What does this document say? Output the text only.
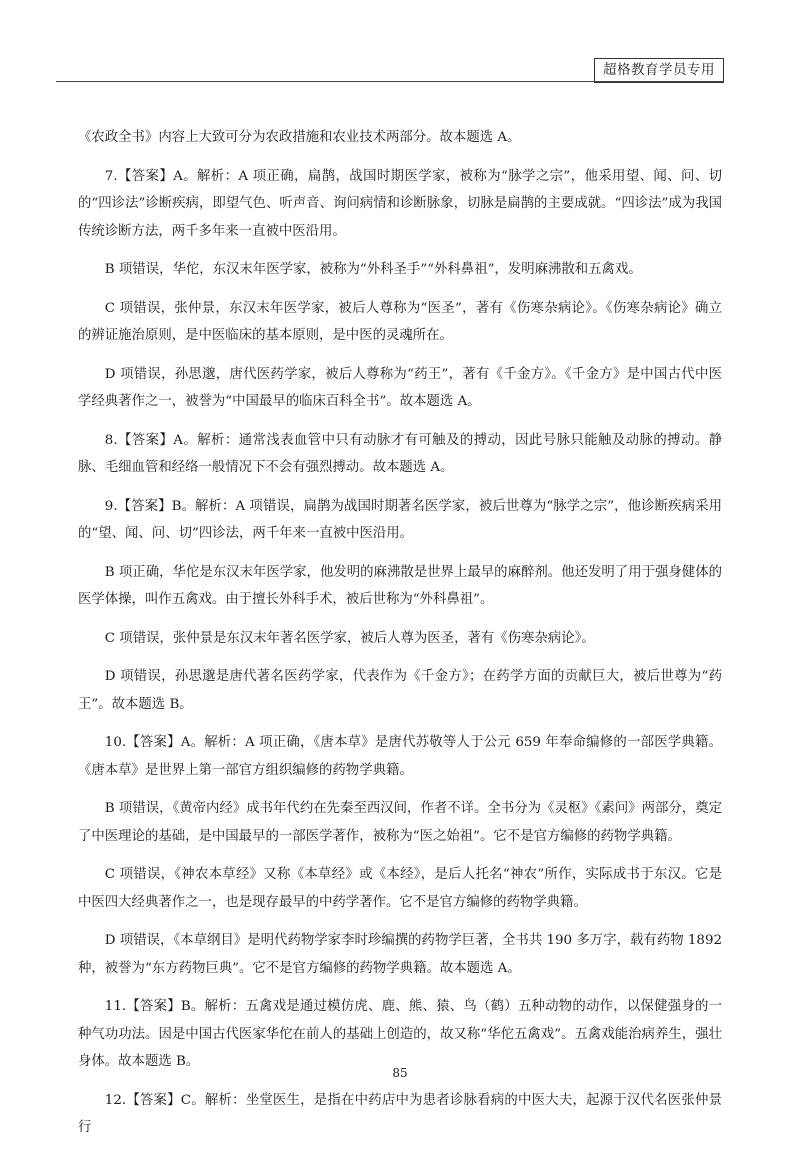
超格教育学员专用

《农政全书》内容上大致可分为农政措施和农业技术两部分。故本题选 A。

7.【答案】A。解析：A 项正确，扁鹊，战国时期医学家，被称为“脉学之宗”，他采用望、闻、问、切的“四诊法”诊断疾病，即望气色、听声音、询问病情和诊断脉象，切脉是扁鹊的主要成就。“四诊法”成为我国传统诊断方法，两千多年来一直被中医沿用。

B 项错误，华佗，东汉末年医学家，被称为“外科圣手”“外科鼻祖”，发明麻沸散和五禽戏。

C 项错误，张仲景，东汉末年医学家，被后人尊称为“医圣”，著有《伤寒杂病论》。《伤寒杂病论》确立的辨证施治原则，是中医临床的基本原则，是中医的灵魂所在。

D 项错误，孙思邈，唐代医药学家，被后人尊称为“药王”，著有《千金方》。《千金方》是中国古代中医学经典著作之一，被誉为“中国最早的临床百科全书”。故本题选 A。

8.【答案】A。解析：通常浅表血管中只有动脉才有可触及的搏动，因此号脉只能触及动脉的搏动。静脉、毛细血管和经络一般情况下不会有强烈搏动。故本题选 A。

9.【答案】B。解析：A 项错误，扁鹊为战国时期著名医学家，被后世尊为“脉学之宗”，他诊断疾病采用的“望、闻、问、切”四诊法，两千年来一直被中医沿用。

B 项正确，华佗是东汉末年医学家，他发明的麻沸散是世界上最早的麻醉剂。他还发明了用于强身健体的医学体操，叫作五禽戏。由于擅长外科手术，被后世称为“外科鼻祖”。

C 项错误，张仲景是东汉末年著名医学家，被后人尊为医圣，著有《伤寒杂病论》。

D 项错误，孙思邈是唐代著名医药学家，代表作为《千金方》；在药学方面的贡献巨大，被后世尊为“药王”。故本题选 B。

10.【答案】A。解析：A 项正确，《唐本草》是唐代苏敬等人于公元 659 年奉命编修的一部医学典籍。《唐本草》是世界上第一部官方组织编修的药物学典籍。

B 项错误，《黄帝内经》成书年代约在先秦至西汉间，作者不详。全书分为《灵枢》《素问》两部分，奠定了中医理论的基础，是中国最早的一部医学著作，被称为“医之始祖”。它不是官方编修的药物学典籍。

C 项错误，《神农本草经》又称《本草经》或《本经》，是后人托名“神农”所作，实际成书于东汉。它是中医四大经典著作之一，也是现存最早的中药学著作。它不是官方编修的药物学典籍。

D 项错误，《本草纲目》是明代药物学家李时珍编撰的药物学巨著，全书共 190 多万字，载有药物 1892 种，被誉为“东方药物巨典”。它不是官方编修的药物学典籍。故本题选 A。

11.【答案】B。解析：五禽戏是通过模仿虎、鹿、熊、猿、鸟（鹤）五种动物的动作，以保健强身的一种气功功法。因是中国古代医家华佗在前人的基础上创造的，故又称“华佗五禽戏”。五禽戏能治病养生，强壮身体。故本题选 B。

12.【答案】C。解析：坐堂医生，是指在中药店中为患者诊脉看病的中医大夫，起源于汉代名医张仲景行

85
